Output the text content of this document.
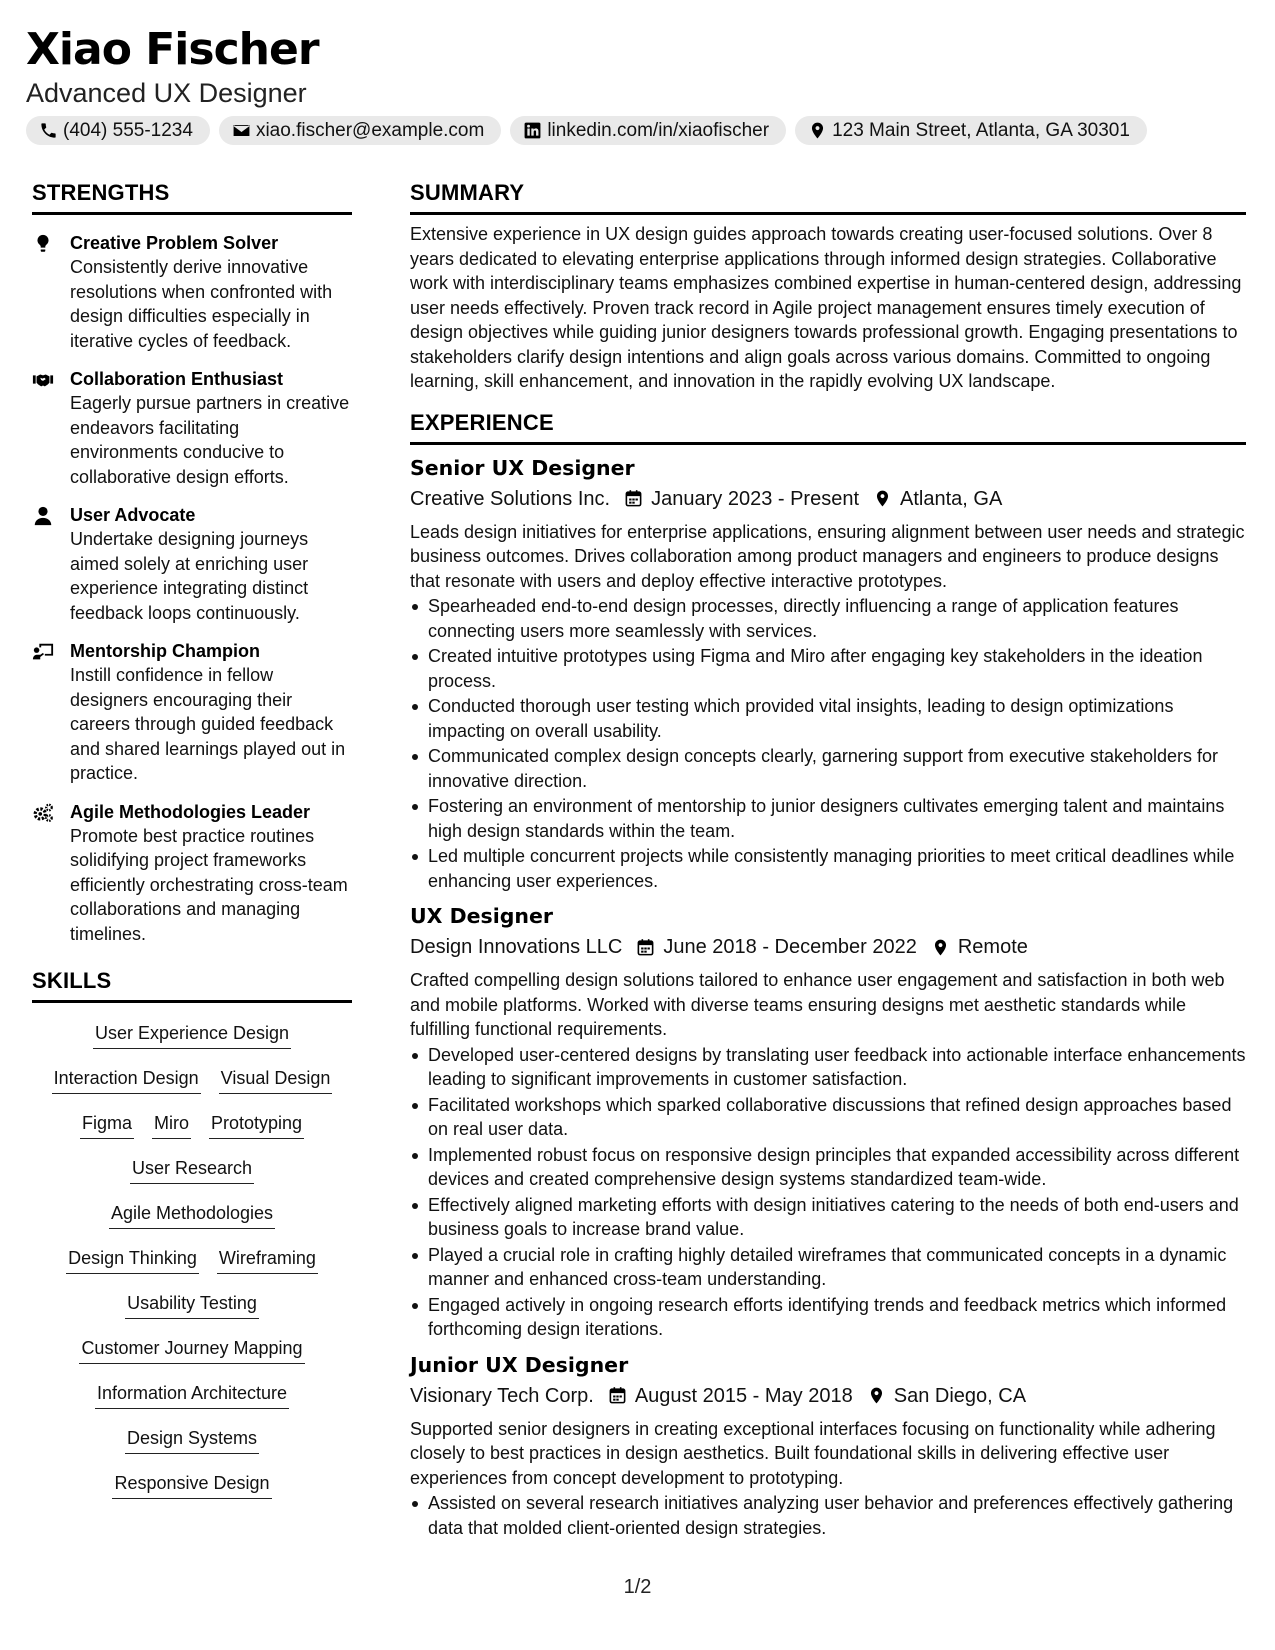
Xiao Fischer
Advanced UX Designer
(404) 555-1234	xiao.fischer@example.com	linkedin.com/in/xiaofischer	123 Main Street, Atlanta, GA 30301
STRENGTHS
Creative Problem Solver

Consistently derive innovative resolutions when confronted with design difficulties especially in iterative cycles of feedback.

Collaboration Enthusiast

Eagerly pursue partners in creative endeavors facilitating environments conducive to collaborative design efforts.

User Advocate

Undertake designing journeys aimed solely at enriching user experience integrating distinct feedback loops continuously.

Mentorship Champion

Instill confidence in fellow designers encouraging their careers through guided feedback and shared learnings played out in practice.

Agile Methodologies Leader

Promote best practice routines solidifying project frameworks efficiently orchestrating cross-team collaborations and managing timelines.

SKILLS
User Experience Design
Interaction Design Visual Design
Figma Miro Prototyping
User Research
Agile Methodologies
Design Thinking Wireframing
Usability Testing
Customer Journey Mapping
Information Architecture
Design Systems
Responsive Design
SUMMARY

Extensive experience in UX design guides approach towards creating user-focused solutions. Over 8 years dedicated to elevating enterprise applications through informed design strategies. Collaborative work with interdisciplinary teams emphasizes combined expertise in human-centered design, addressing user needs effectively. Proven track record in Agile project management ensures timely execution of design objectives while guiding junior designers towards professional growth. Engaging presentations to stakeholders clarify design intentions and align goals across various domains. Committed to ongoing learning, skill enhancement, and innovation in the rapidly evolving UX landscape.

EXPERIENCE
Senior UX Designer
Creative Solutions Inc. January 2023 - Present Atlanta, GA

Leads design initiatives for enterprise applications, ensuring alignment between user needs and strategic business outcomes. Drives collaboration among product managers and engineers to produce designs that resonate with users and deploy effective interactive prototypes.

Spearheaded end-to-end design processes, directly influencing a range of application features connecting users more seamlessly with services.
Created intuitive prototypes using Figma and Miro after engaging key stakeholders in the ideation process.
Conducted thorough user testing which provided vital insights, leading to design optimizations impacting on overall usability.
Communicated complex design concepts clearly, garnering support from executive stakeholders for innovative direction.
Fostering an environment of mentorship to junior designers cultivates emerging talent and maintains high design standards within the team.
Led multiple concurrent projects while consistently managing priorities to meet critical deadlines while enhancing user experiences.
UX Designer
Design Innovations LLC June 2018 - December 2022 Remote

Crafted compelling design solutions tailored to enhance user engagement and satisfaction in both web and mobile platforms. Worked with diverse teams ensuring designs met aesthetic standards while fulfilling functional requirements.

Developed user-centered designs by translating user feedback into actionable interface enhancements leading to significant improvements in customer satisfaction.
Facilitated workshops which sparked collaborative discussions that refined design approaches based on real user data.
Implemented robust focus on responsive design principles that expanded accessibility across different devices and created comprehensive design systems standardized team-wide.
Effectively aligned marketing efforts with design initiatives catering to the needs of both end-users and business goals to increase brand value.
Played a crucial role in crafting highly detailed wireframes that communicated concepts in a dynamic manner and enhanced cross-team understanding.
Engaged actively in ongoing research efforts identifying trends and feedback metrics which informed forthcoming design iterations.
Junior UX Designer
Visionary Tech Corp. August 2015 - May 2018 San Diego, CA

Supported senior designers in creating exceptional interfaces focusing on functionality while adhering closely to best practices in design aesthetics. Built foundational skills in delivering effective user experiences from concept development to prototyping.

Assisted on several research initiatives analyzing user behavior and preferences effectively gathering data that molded client-oriented design strategies.
1/2
